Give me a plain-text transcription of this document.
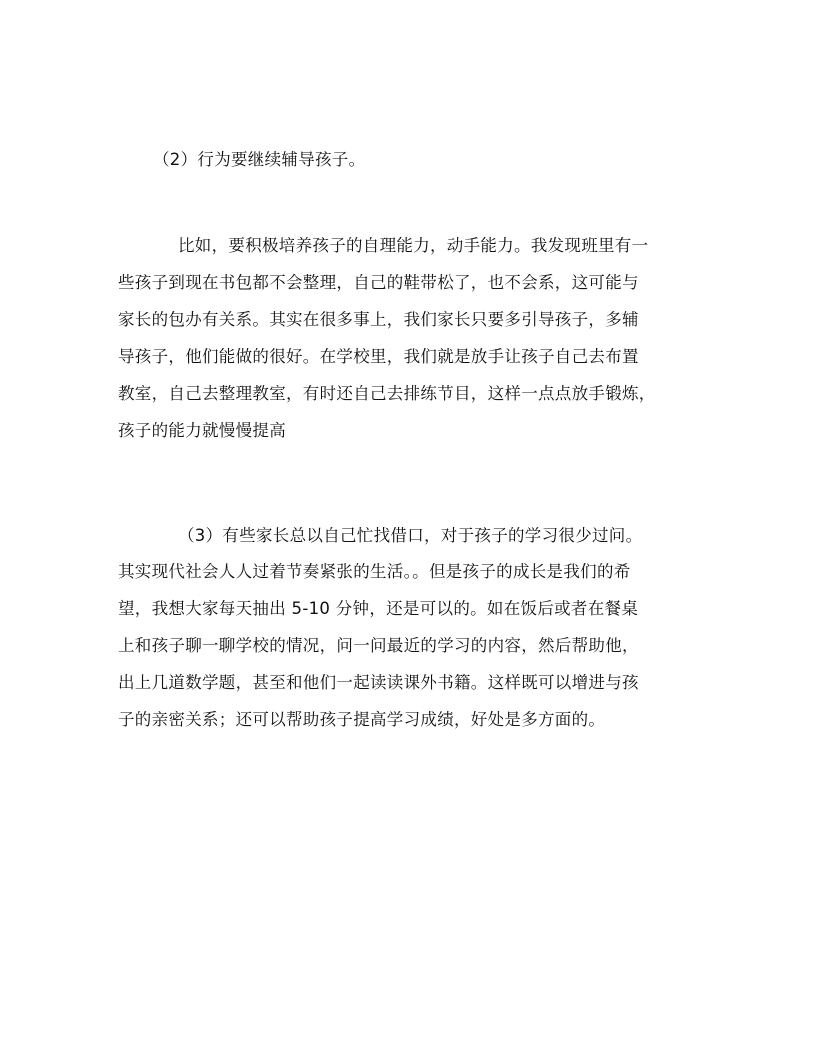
（2）行为要继续辅导孩子。
比如，要积极培养孩子的自理能力，动手能力。我发现班里有一
些孩子到现在书包都不会整理，自己的鞋带松了，也不会系，这可能与
家长的包办有关系。其实在很多事上，我们家长只要多引导孩子，多辅
导孩子，他们能做的很好。在学校里，我们就是放手让孩子自己去布置
教室，自己去整理教室，有时还自己去排练节目，这样一点点放手锻炼，
孩子的能力就慢慢提高
（3）有些家长总以自己忙找借口，对于孩子的学习很少过问。
其实现代社会人人过着节奏紧张的生活。。但是孩子的成长是我们的希
望，我想大家每天抽出 5-10 分钟，还是可以的。如在饭后或者在餐桌
上和孩子聊一聊学校的情况，问一问最近的学习的内容，然后帮助他，
出上几道数学题，甚至和他们一起读读课外书籍。这样既可以增进与孩
子的亲密关系；还可以帮助孩子提高学习成绩，好处是多方面的。
